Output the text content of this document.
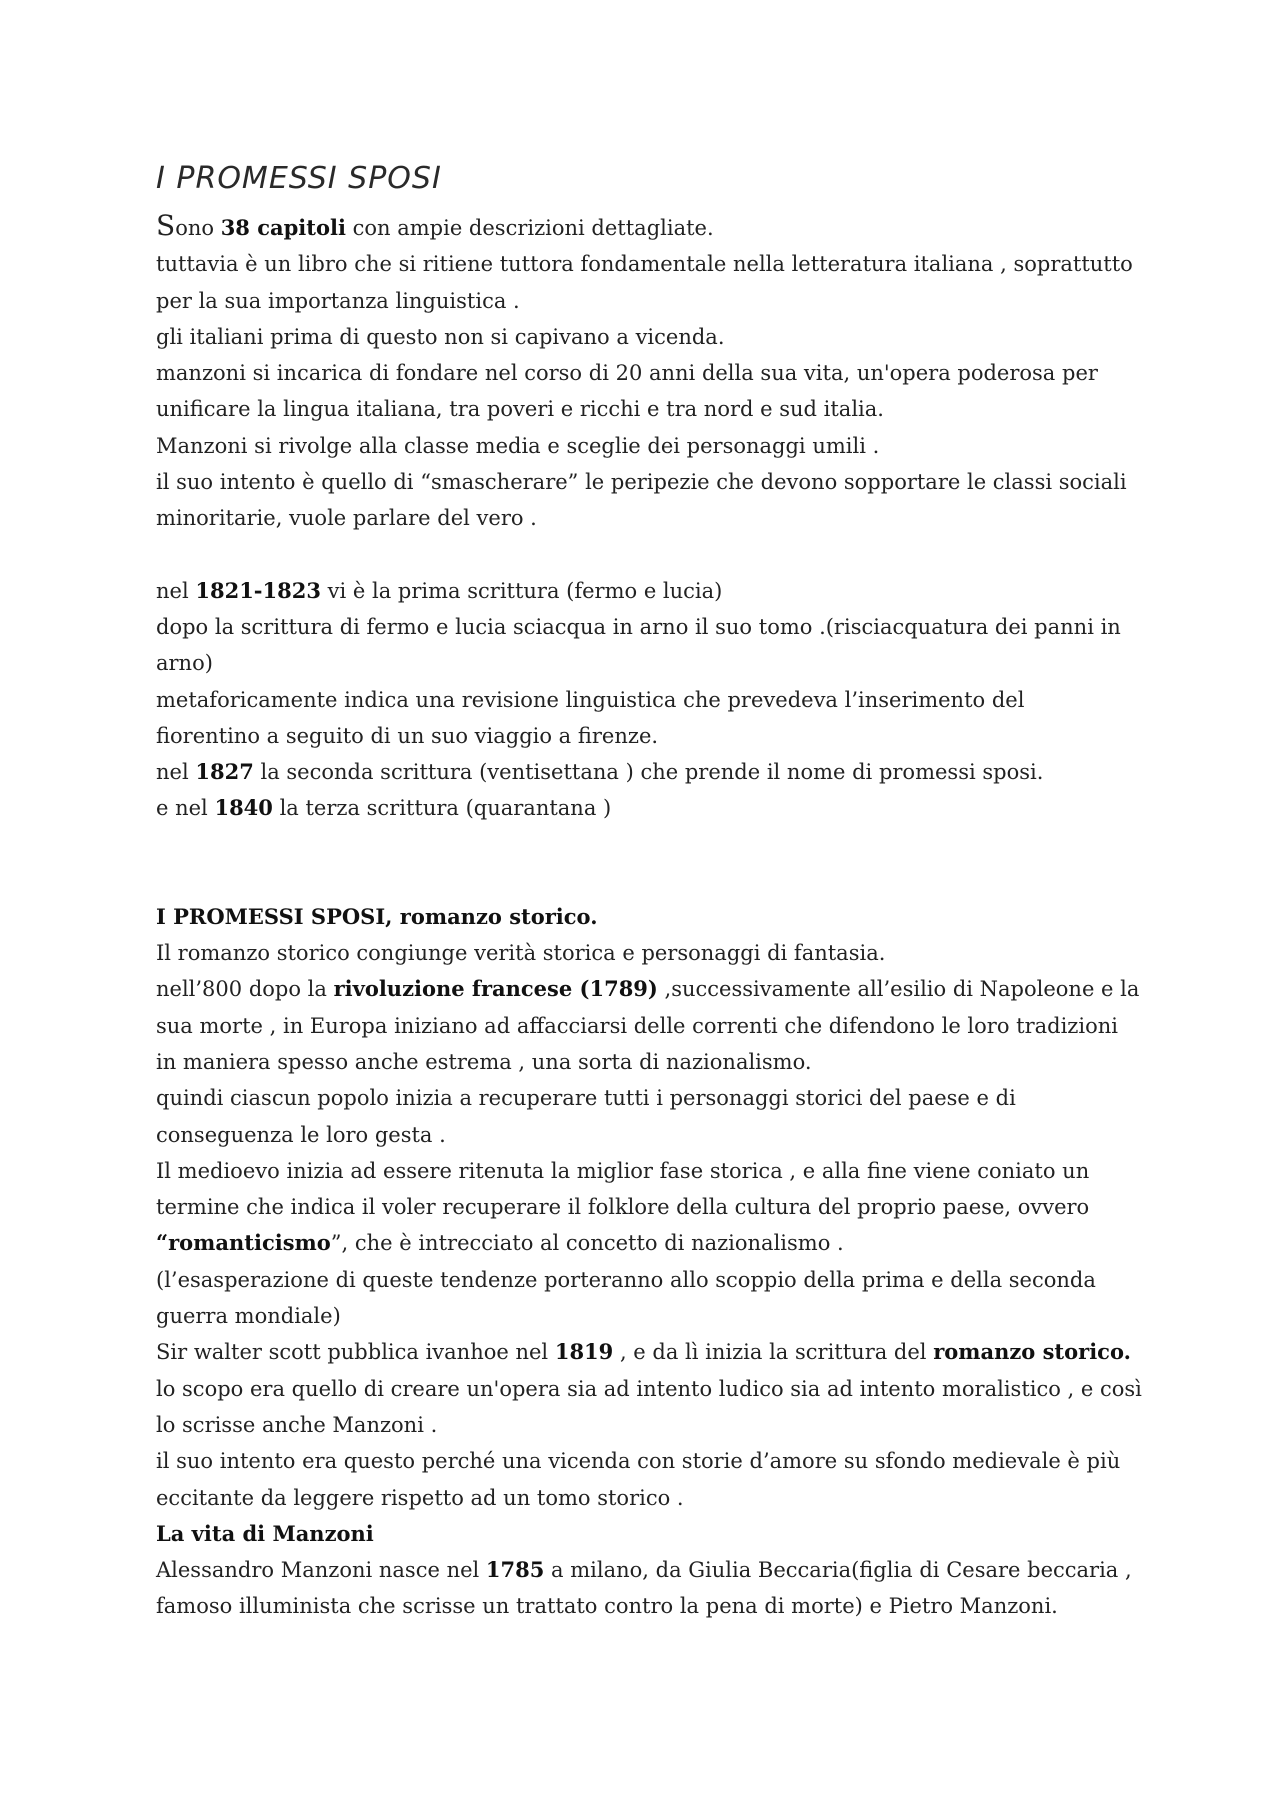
I PROMESSI SPOSI

Sono 38 capitoli con ampie descrizioni dettagliate.

tuttavia è un libro che si ritiene tuttora fondamentale nella letteratura italiana , soprattutto

per la sua importanza linguistica .

gli italiani prima di questo non si capivano a vicenda.

manzoni si incarica di fondare nel corso di 20 anni della sua vita, un'opera poderosa per

unificare la lingua italiana, tra poveri e ricchi e tra nord e sud italia.

Manzoni si rivolge alla classe media e sceglie dei personaggi umili .

il suo intento è quello di “smascherare” le peripezie che devono sopportare le classi sociali

minoritarie, vuole parlare del vero .

nel 1821-1823 vi è la prima scrittura (fermo e lucia)

dopo la scrittura di fermo e lucia sciacqua in arno il suo tomo .(risciacquatura dei panni in

arno)

metaforicamente indica una revisione linguistica che prevedeva l’inserimento del

fiorentino a seguito di un suo viaggio a firenze.

nel 1827 la seconda scrittura (ventisettana ) che prende il nome di promessi sposi.

e nel 1840 la terza scrittura (quarantana )

I PROMESSI SPOSI, romanzo storico.

Il romanzo storico congiunge verità storica e personaggi di fantasia.

nell’800 dopo la rivoluzione francese (1789) ,successivamente all’esilio di Napoleone e la

sua morte , in Europa iniziano ad affacciarsi delle correnti che difendono le loro tradizioni

in maniera spesso anche estrema , una sorta di nazionalismo.

quindi ciascun popolo inizia a recuperare tutti i personaggi storici del paese e di

conseguenza le loro gesta .

Il medioevo inizia ad essere ritenuta la miglior fase storica , e alla fine viene coniato un

termine che indica il voler recuperare il folklore della cultura del proprio paese, ovvero

“romanticismo”, che è intrecciato al concetto di nazionalismo .

(l’esasperazione di queste tendenze porteranno allo scoppio della prima e della seconda

guerra mondiale)

Sir walter scott pubblica ivanhoe nel 1819 , e da lì inizia la scrittura del romanzo storico.

lo scopo era quello di creare un'opera sia ad intento ludico sia ad intento moralistico , e così

lo scrisse anche Manzoni .

il suo intento era questo perché una vicenda con storie d’amore su sfondo medievale è più

eccitante da leggere rispetto ad un tomo storico .

La vita di Manzoni

Alessandro Manzoni nasce nel 1785 a milano, da Giulia Beccaria(figlia di Cesare beccaria ,

famoso illuminista che scrisse un trattato contro la pena di morte) e Pietro Manzoni.
